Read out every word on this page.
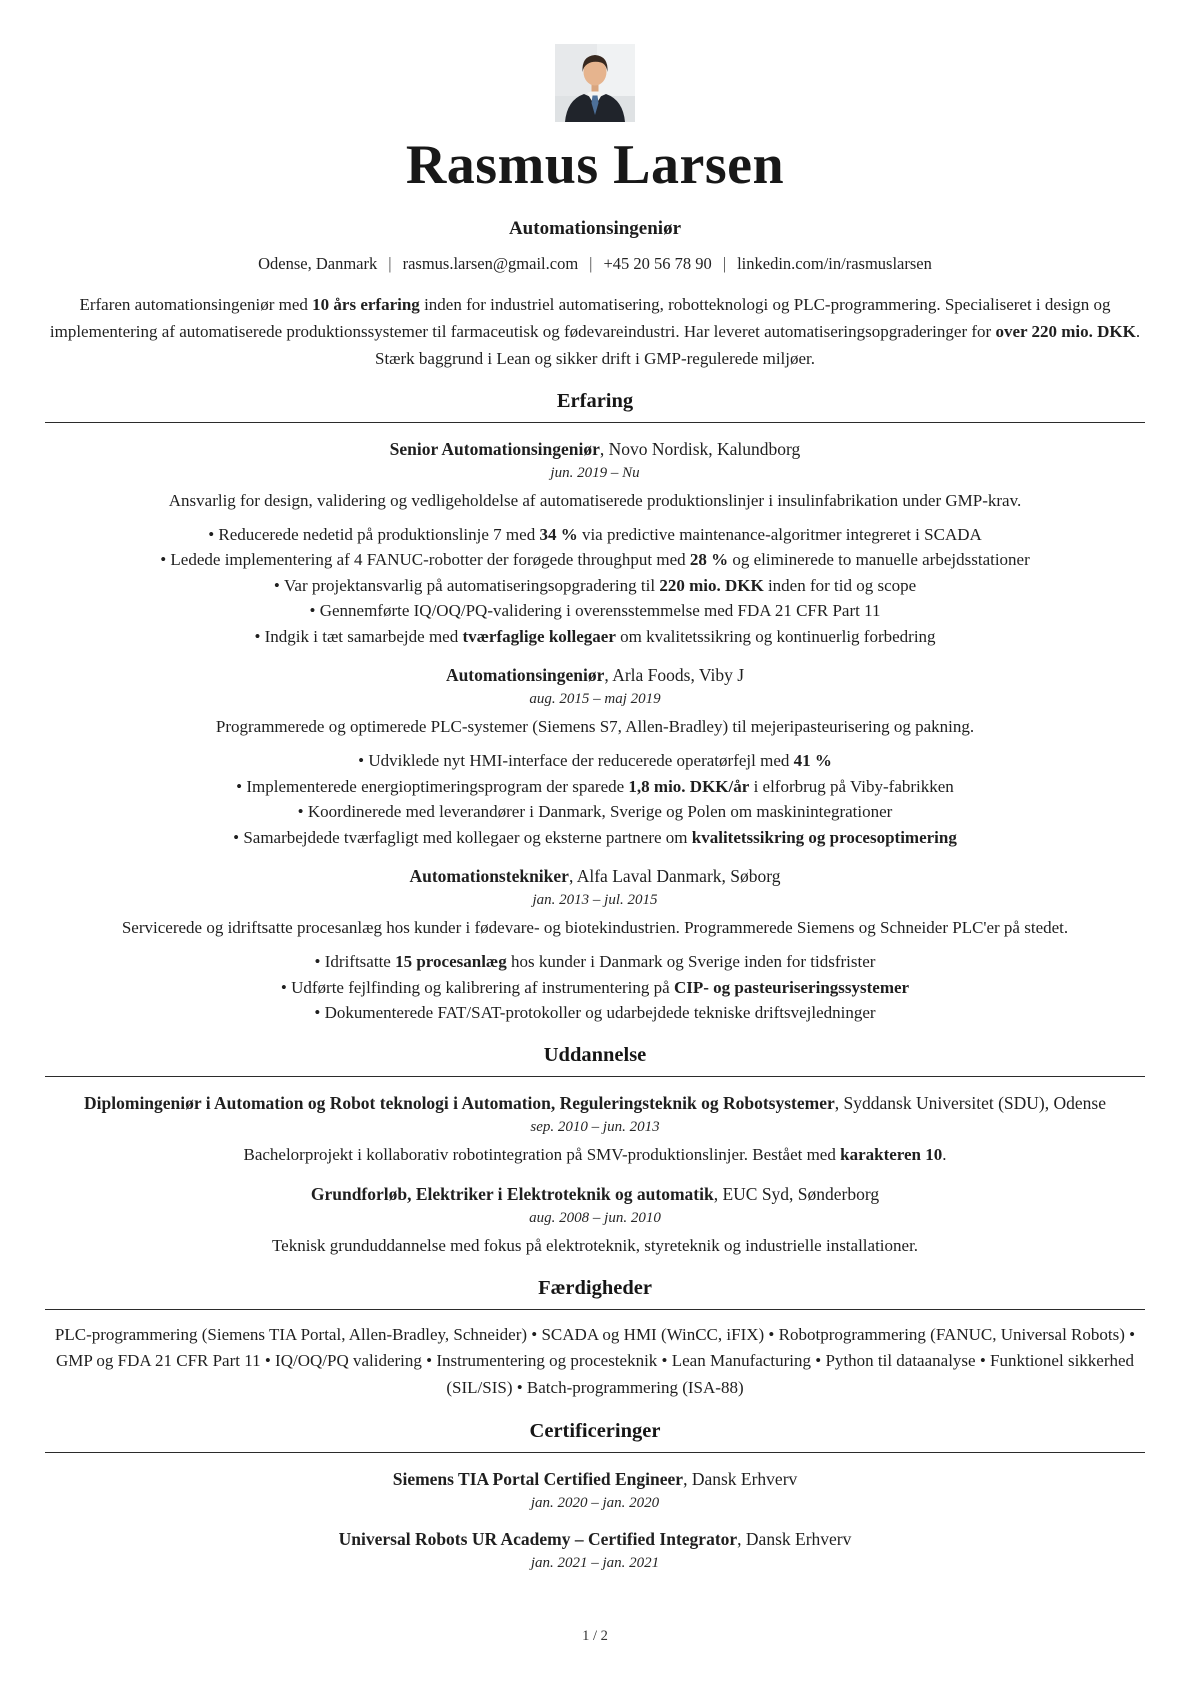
Rasmus Larsen
Automationsingeniør
Odense, Danmark | rasmus.larsen@gmail.com | +45 20 56 78 90 | linkedin.com/in/rasmuslarsen

Erfaren automationsingeniør med 10 års erfaring inden for industriel automatisering, robotteknologi og PLC-programmering. Specialiseret i design og implementering af automatiserede produktionssystemer til farmaceutisk og fødevareindustri. Har leveret automatiseringsopgraderinger for over 220 mio. DKK. Stærk baggrund i Lean og sikker drift i GMP-regulerede miljøer.

Erfaring
Senior Automationsingeniør, Novo Nordisk, Kalundborg
jun. 2019 – Nu
Ansvarlig for design, validering og vedligeholdelse af automatiserede produktionslinjer i insulinfabrikation under GMP-krav.
• Reducerede nedetid på produktionslinje 7 med 34 % via predictive maintenance-algoritmer integreret i SCADA
• Ledede implementering af 4 FANUC-robotter der forøgede throughput med 28 % og eliminerede to manuelle arbejdsstationer
• Var projektansvarlig på automatiseringsopgradering til 220 mio. DKK inden for tid og scope
• Gennemførte IQ/OQ/PQ-validering i overensstemmelse med FDA 21 CFR Part 11
• Indgik i tæt samarbejde med tværfaglige kollegaer om kvalitetssikring og kontinuerlig forbedring
Automationsingeniør, Arla Foods, Viby J
aug. 2015 – maj 2019
Programmerede og optimerede PLC-systemer (Siemens S7, Allen-Bradley) til mejeripasteurisering og pakning.
• Udviklede nyt HMI-interface der reducerede operatørfejl med 41 %
• Implementerede energioptimeringsprogram der sparede 1,8 mio. DKK/år i elforbrug på Viby-fabrikken
• Koordinerede med leverandører i Danmark, Sverige og Polen om maskinintegrationer
• Samarbejdede tværfagligt med kollegaer og eksterne partnere om kvalitetssikring og procesoptimering
Automationstekniker, Alfa Laval Danmark, Søborg
jan. 2013 – jul. 2015
Servicerede og idriftsatte procesanlæg hos kunder i fødevare- og biotekindustrien. Programmerede Siemens og Schneider PLC'er på stedet.
• Idriftsatte 15 procesanlæg hos kunder i Danmark og Sverige inden for tidsfrister
• Udførte fejlfinding og kalibrering af instrumentering på CIP- og pasteuriseringssystemer
• Dokumenterede FAT/SAT-protokoller og udarbejdede tekniske driftsvejledninger
Uddannelse
Diplomingeniør i Automation og Robot teknologi i Automation, Reguleringsteknik og Robotsystemer, Syddansk Universitet (SDU), Odense
sep. 2010 – jun. 2013
Bachelorprojekt i kollaborativ robotintegration på SMV-produktionslinjer. Bestået med karakteren 10.
Grundforløb, Elektriker i Elektroteknik og automatik, EUC Syd, Sønderborg
aug. 2008 – jun. 2010
Teknisk grunduddannelse med fokus på elektroteknik, styreteknik og industrielle installationer.
Færdigheder

PLC-programmering (Siemens TIA Portal, Allen-Bradley, Schneider) • SCADA og HMI (WinCC, iFIX) • Robotprogrammering (FANUC, Universal Robots) • GMP og FDA 21 CFR Part 11 • IQ/OQ/PQ validering • Instrumentering og procesteknik • Lean Manufacturing • Python til dataanalyse • Funktionel sikkerhed (SIL/SIS) • Batch-programmering (ISA-88)

Certificeringer
Siemens TIA Portal Certified Engineer, Dansk Erhverv
jan. 2020 – jan. 2020
Universal Robots UR Academy – Certified Integrator, Dansk Erhverv
jan. 2021 – jan. 2021
1 / 2
